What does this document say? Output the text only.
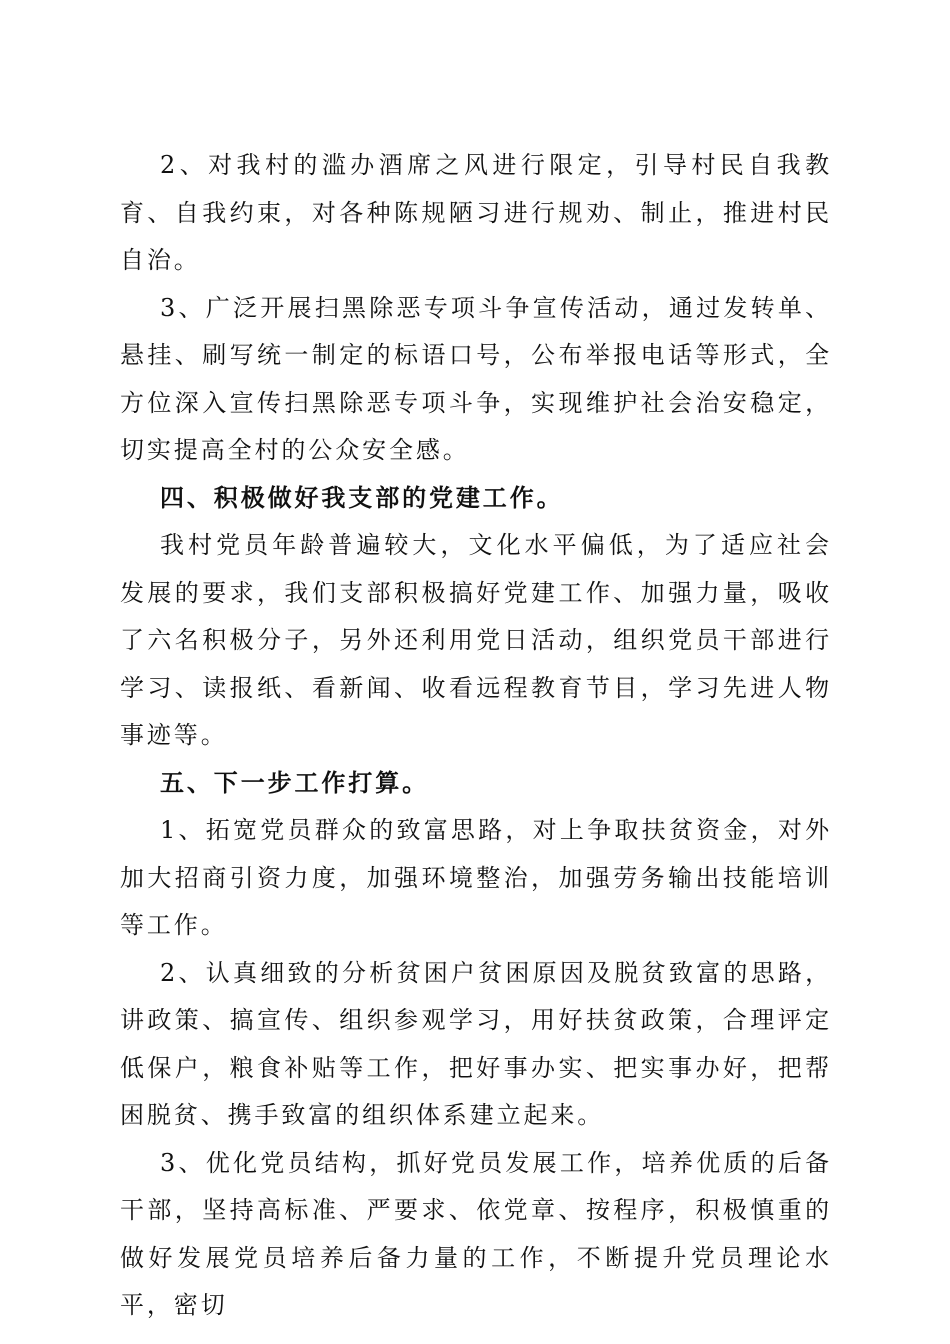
2、对我村的滥办酒席之风进行限定，引导村民自我教育、自我约束，对各种陈规陋习进行规劝、制止，推进村民自治。

3、广泛开展扫黑除恶专项斗争宣传活动，通过发转单、悬挂、刷写统一制定的标语口号，公布举报电话等形式，全方位深入宣传扫黑除恶专项斗争，实现维护社会治安稳定，切实提高全村的公众安全感。

四、积极做好我支部的党建工作。

我村党员年龄普遍较大，文化水平偏低，为了适应社会发展的要求，我们支部积极搞好党建工作、加强力量，吸收了六名积极分子，另外还利用党日活动，组织党员干部进行学习、读报纸、看新闻、收看远程教育节目，学习先进人物事迹等。

五、下一步工作打算。

1、拓宽党员群众的致富思路，对上争取扶贫资金，对外加大招商引资力度，加强环境整治，加强劳务输出技能培训等工作。

2、认真细致的分析贫困户贫困原因及脱贫致富的思路，讲政策、搞宣传、组织参观学习，用好扶贫政策，合理评定低保户，粮食补贴等工作，把好事办实、把实事办好，把帮困脱贫、携手致富的组织体系建立起来。

3、优化党员结构，抓好党员发展工作，培养优质的后备干部，坚持高标准、严要求、依党章、按程序，积极慎重的做好发展党员培养后备力量的工作，不断提升党员理论水平，密切
